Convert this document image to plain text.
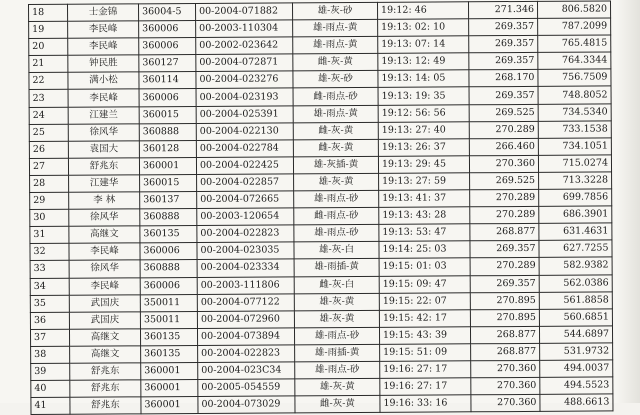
18	士金锦	36004-5	00-2004-071882	雄-灰-砂	19:12: 46	271.346	806.5820
19	李民峰	360006	00-2003-110304	雄-雨点-黄	19:13: 02: 10	269.357	787.2099
20	李民峰	360006	00-2002-023642	雄-雨点-黄	19:13: 07: 14	269.357	765.4815
21	钟民胜	360127	00-2004-072871	雌-灰-黄	19:13: 12: 49	269.357	764.3344
22	满小松	360114	00-2004-023276	雄-灰-砂	19:13: 14: 05	268.170	756.7509
23	李民峰	360006	00-2004-023193	雌-雨点-砂	19:13: 19: 35	269.357	748.8052
24	江建兰	360015	00-2004-025391	雄-雨点-黄	19:12: 56: 56	269.525	734.5340
25	徐风华	360888	00-2004-022130	雌-灰-黄	19:13: 27: 40	270.289	733.1538
26	袁国大	360128	00-2004-022784	雌-灰-黄	19:13: 26: 37	266.460	734.1051
27	舒兆东	360001	00-2004-022425	雄-灰插-黄	19:13: 29: 45	270.360	715.0274
28	江建华	360015	00-2004-022857	雄-灰-黄	19:13: 27: 59	269.525	713.3228
29	李 林	360137	00-2004-072665	雄-雨点-砂	19:13: 41: 37	270.289	699.7856
30	徐风华	360888	00-2003-120654	雌-雨点-砂	19:13: 43: 28	270.289	686.3901
31	高继文	360135	00-2004-022823	雄-雨点-砂	19:13: 53: 47	268.877	631.4631
32	李民峰	360006	00-2004-023035	雄-灰-白	19:14: 25: 03	269.357	627.7255
33	徐风华	360888	00-2004-023334	雄-雨插-黄	19:15: 01: 03	270.289	582.9382
34	李民峰	360006	00-2003-111806	雌-灰-白	19:15: 09: 47	269.357	562.0386
35	武国庆	350011	00-2004-077122	雄-灰-黄	19:15: 22: 07	270.895	561.8858
36	武国庆	350011	00-2004-072960	雄-灰-黄	19:15: 42: 17	270.895	560.6851
37	高继文	360135	00-2004-073894	雄-雨点-砂	19:15: 43: 39	268.877	544.6897
38	高继文	360135	00-2004-022823	雄-雨插-黄	19:15: 51: 09	268.877	531.9732
39	舒兆东	360001	00-2004-023C34	雄-雨点-砂	19:16: 27: 17	270.360	494.0037
40	舒兆东	360001	00-2005-054559	雄-灰-黄	19:16: 27: 17	270.360	494.5523
41	舒兆东	360001	00-2004-073029	雌-灰-黄	19:16: 33: 16	270.360	488.6613
